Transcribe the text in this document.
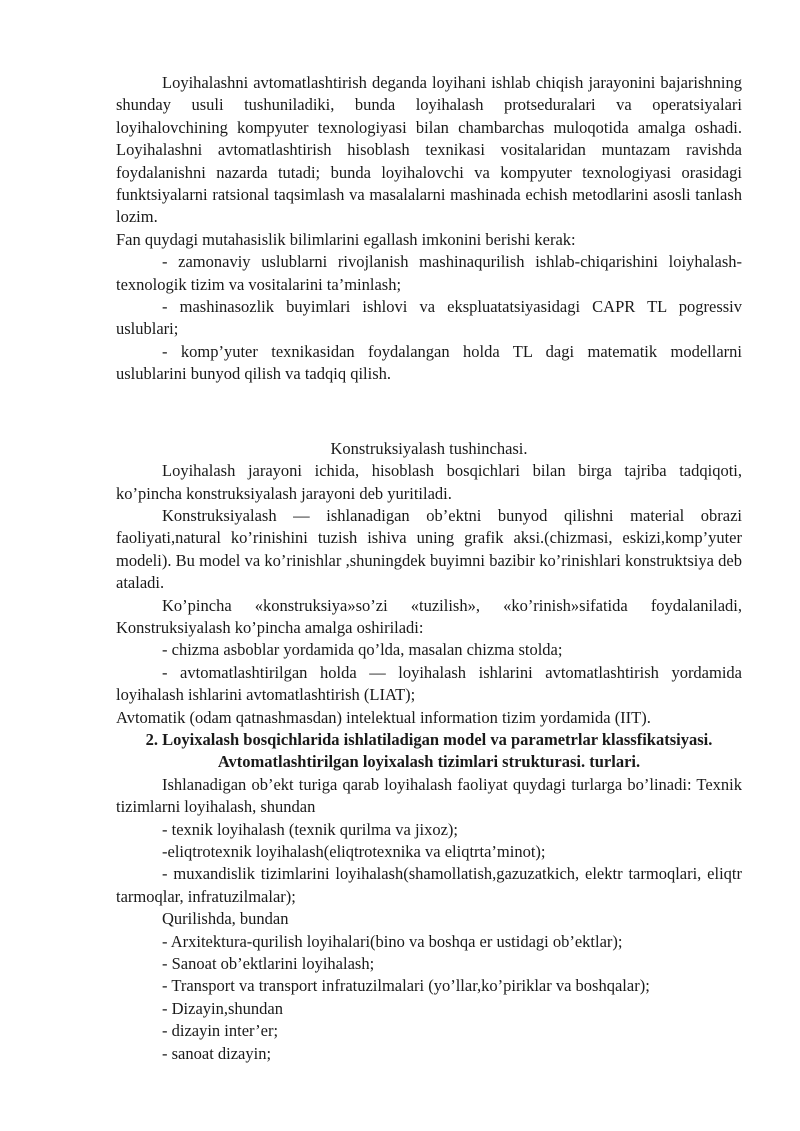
Loyihalashni avtomatlashtirish deganda loyihani ishlab chiqish jarayonini bajarishning shunday usuli tushuniladiki, bunda loyihalash protseduralari va operatsiyalari loyihalovchining kompyuter texnologiyasi bilan chambarchas muloqotida amalga oshadi. Loyihalashni avtomatlashtirish hisoblash texnikasi vositalaridan muntazam ravishda foydalanishni nazarda tutadi; bunda loyihalovchi va kompyuter texnologiyasi orasidagi funktsiyalarni ratsional taqsimlash va masalalarni mashinada echish metodlarini asosli tanlash lozim.

Fan quydagi mutahasislik bilimlarini egallash imkonini berishi kerak:

- zamonaviy uslublarni rivojlanish mashinaqurilish ishlab-chiqarishini loiyhalash-texnologik tizim va vositalarini ta’minlash;

- mashinasozlik buyimlari ishlovi va ekspluatatsiyasidagi CAPR TL pogressiv uslublari;

- komp’yuter texnikasidan foydalangan holda TL dagi matematik modellarni uslublarini bunyod qilish va tadqiq qilish.

Konstruksiyalash tushinchasi.

Loyihalash jarayoni ichida, hisoblash bosqichlari bilan birga tajriba tadqiqoti, ko’pincha konstruksiyalash jarayoni deb yuritiladi.

Konstruksiyalash — ishlanadigan ob’ektni bunyod qilishni material obrazi faoliyati,natural ko’rinishini tuzish ishiva uning grafik aksi.(chizmasi, eskizi,komp’yuter modeli). Bu model va ko’rinishlar ,shuningdek buyimni bazibir ko’rinishlari konstruktsiya deb ataladi.

Ko’pincha «konstruksiya»so’zi «tuzilish», «ko’rinish»sifatida foydalaniladi, Konstruksiyalash ko’pincha amalga oshiriladi:

- chizma asboblar yordamida qo’lda, masalan chizma stolda;

- avtomatlashtirilgan holda — loyihalash ishlarini avtomatlashtirish yordamida loyihalash ishlarini avtomatlashtirish (LIAT);

Avtomatik (odam qatnashmasdan) intelektual information tizim yordamida (IIT).

2. Loyixalash bosqichlarida ishlatiladigan model va parametrlar klassfikatsiyasi. Avtomatlashtirilgan loyixalash tizimlari strukturasi. turlari.

Ishlanadigan ob’ekt turiga qarab loyihalash faoliyat quydagi turlarga bo’linadi: Texnik tizimlarni loyihalash, shundan

- texnik loyihalash (texnik qurilma va jixoz);

-eliqtrotexnik loyihalash(eliqtrotexnika va eliqtrta’minot);

- muxandislik tizimlarini loyihalash(shamollatish,gazuzatkich, elektr tarmoqlari, eliqtr tarmoqlar, infratuzilmalar);

Qurilishda, bundan

- Arxitektura-qurilish loyihalari(bino va boshqa er ustidagi ob’ektlar);

- Sanoat ob’ektlarini loyihalash;

- Transport va transport infratuzilmalari (yo’llar,ko’piriklar va boshqalar);

- Dizayin,shundan

- dizayin inter’er;

- sanoat dizayin;
